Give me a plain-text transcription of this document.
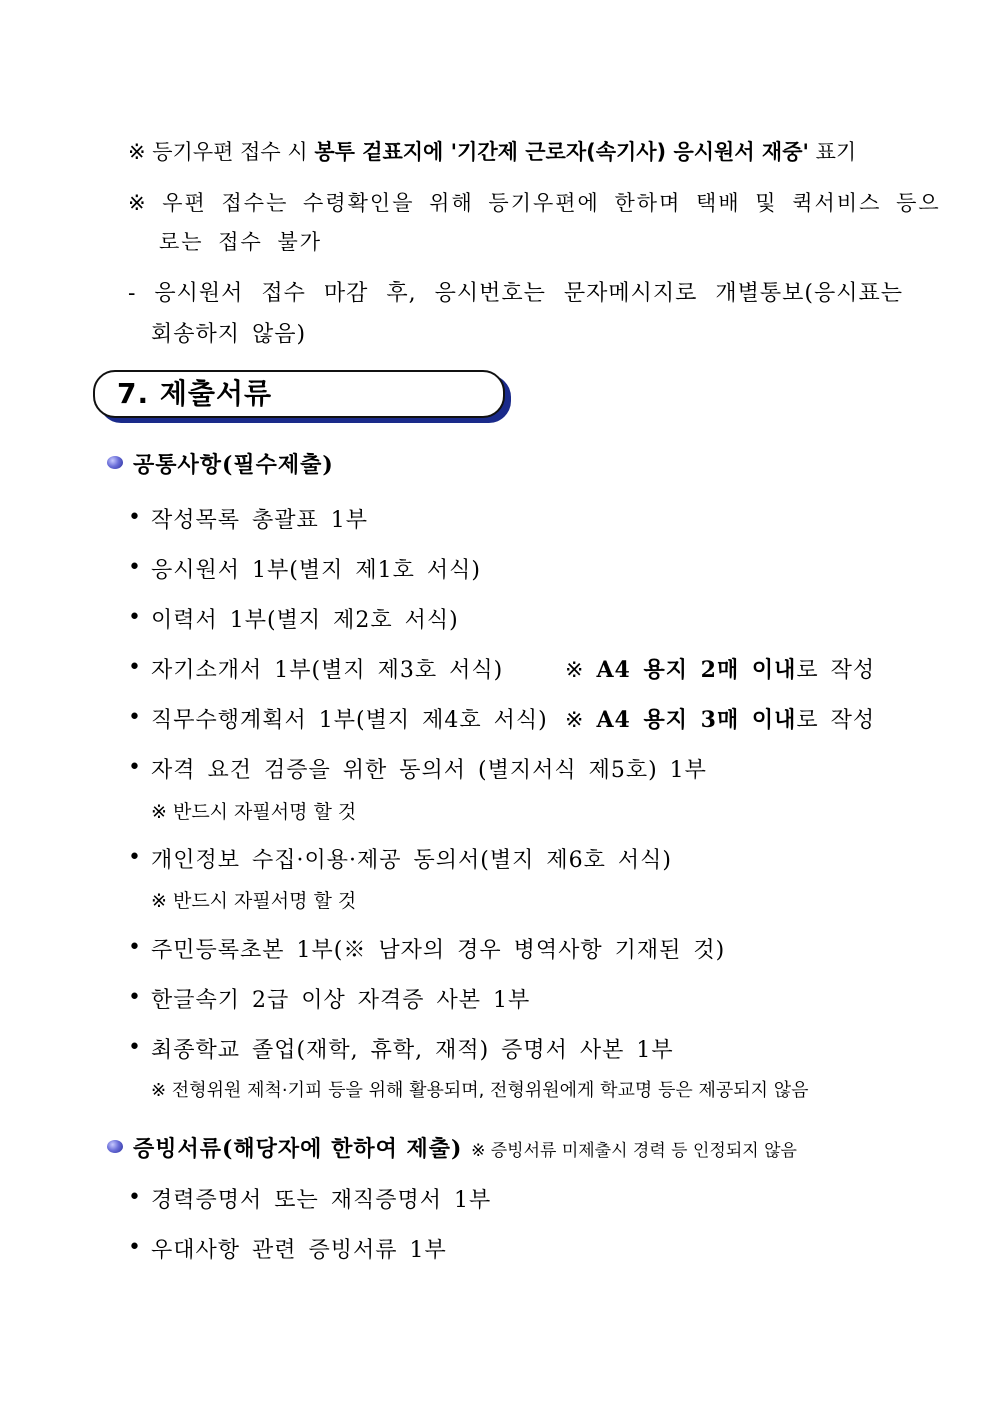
※ 등기우편 접수 시 봉투 겉표지에 '기간제 근로자(속기사) 응시원서 재중' 표기
※ 우편 접수는 수령확인을 위해 등기우편에 한하며 택배 및 퀵서비스 등으
로는 접수 불가
- 응시원서 접수 마감 후, 응시번호는 문자메시지로 개별통보(응시표는
회송하지 않음)
7. 제출서류
공통사항(필수제출)
• 작성목록 총괄표 1부
• 응시원서 1부(별지 제1호 서식)
• 이력서 1부(별지 제2호 서식)
• 자기소개서 1부(별지 제3호 서식)	※ A4 용지 2매 이내로 작성
• 직무수행계획서 1부(별지 제4호 서식) ※ A4 용지 3매 이내로 작성
• 자격 요건 검증을 위한 동의서 (별지서식 제5호) 1부
※ 반드시 자필서명 할 것
• 개인정보 수집·이용·제공 동의서(별지 제6호 서식)
※ 반드시 자필서명 할 것
• 주민등록초본 1부(※ 남자의 경우 병역사항 기재된 것)
• 한글속기 2급 이상 자격증 사본 1부
• 최종학교 졸업(재학, 휴학, 재적) 증명서 사본 1부
※ 전형위원 제척·기피 등을 위해 활용되며, 전형위원에게 학교명 등은 제공되지 않음
증빙서류(해당자에 한하여 제출) ※ 증빙서류 미제출시 경력 등 인정되지 않음
• 경력증명서 또는 재직증명서 1부
• 우대사항 관련 증빙서류 1부
